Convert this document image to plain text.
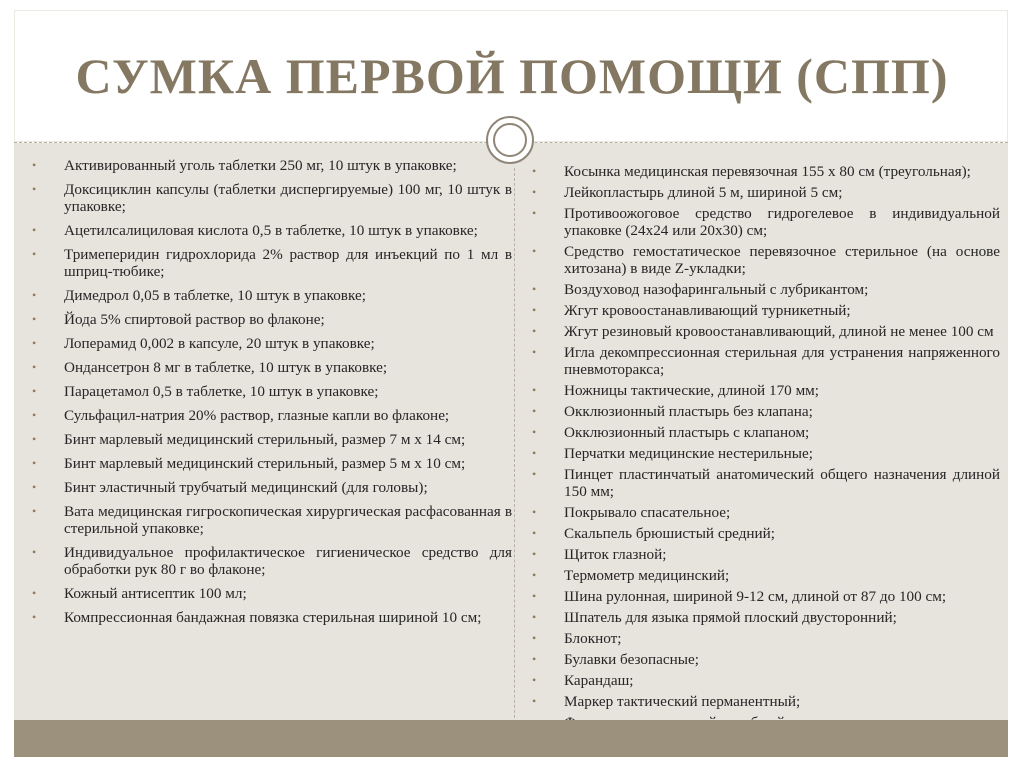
СУМКА ПЕРВОЙ ПОМОЩИ (СПП)
• Активированный уголь таблетки 250 мг, 10 штук в упаковке;
• Доксициклин капсулы (таблетки диспергируемые) 100 мг, 10 штук в упаковке;
• Ацетилсалициловая кислота 0,5 в таблетке, 10 штук в упаковке;
• Тримеперидин гидрохлорида 2% раствор для инъекций по 1 мл в шприц-тюбике;
• Димедрол 0,05 в таблетке, 10 штук в упаковке;
• Йода 5% спиртовой раствор во флаконе;
• Лоперамид 0,002 в капсуле, 20 штук в упаковке;
• Ондансетрон 8 мг в таблетке, 10 штук в упаковке;
• Парацетамол 0,5 в таблетке, 10 штук в упаковке;
• Сульфацил-натрия 20% раствор, глазные капли во флаконе;
• Бинт марлевый медицинский стерильный, размер 7 м х 14 см;
• Бинт марлевый медицинский стерильный, размер 5 м х 10 см;
• Бинт эластичный трубчатый медицинский (для головы);
• Вата медицинская гигроскопическая хирургическая расфасованная в стерильной упаковке;
• Индивидуальное профилактическое гигиеническое средство для обработки рук 80 г во флаконе;
• Кожный антисептик 100 мл;
• Компрессионная бандажная повязка стерильная шириной 10 см;
• Косынка медицинская перевязочная 155 х 80 см (треугольная);
• Лейкопластырь длиной 5 м, шириной 5 см;
• Противоожоговое средство гидрогелевое в индивидуальной упаковке (24х24 или 20х30) см;
• Средство гемостатическое перевязочное стерильное (на основе хитозана) в виде Z-укладки;
• Воздуховод назофарингальный с лубрикантом;
• Жгут кровоостанавливающий турникетный;
• Жгут резиновый кровоостанавливающий, длиной не менее 100 см
• Игла декомпрессионная стерильная для устранения напряженного пневмоторакса;
• Ножницы тактические, длиной 170 мм;
• Окклюзионный пластырь без клапана;
• Окклюзионный пластырь с клапаном;
• Перчатки медицинские нестерильные;
• Пинцет пластинчатый анатомический общего назначения длиной 150 мм;
• Покрывало спасательное;
• Скальпель брюшистый средний;
• Щиток глазной;
• Термометр медицинский;
• Шина рулонная, шириной 9-12 см, длиной от 87 до 100 см;
• Шпатель для языка прямой плоский двусторонний;
• Блокнот;
• Булавки безопасные;
• Карандаш;
• Маркер тактический перманентный;
